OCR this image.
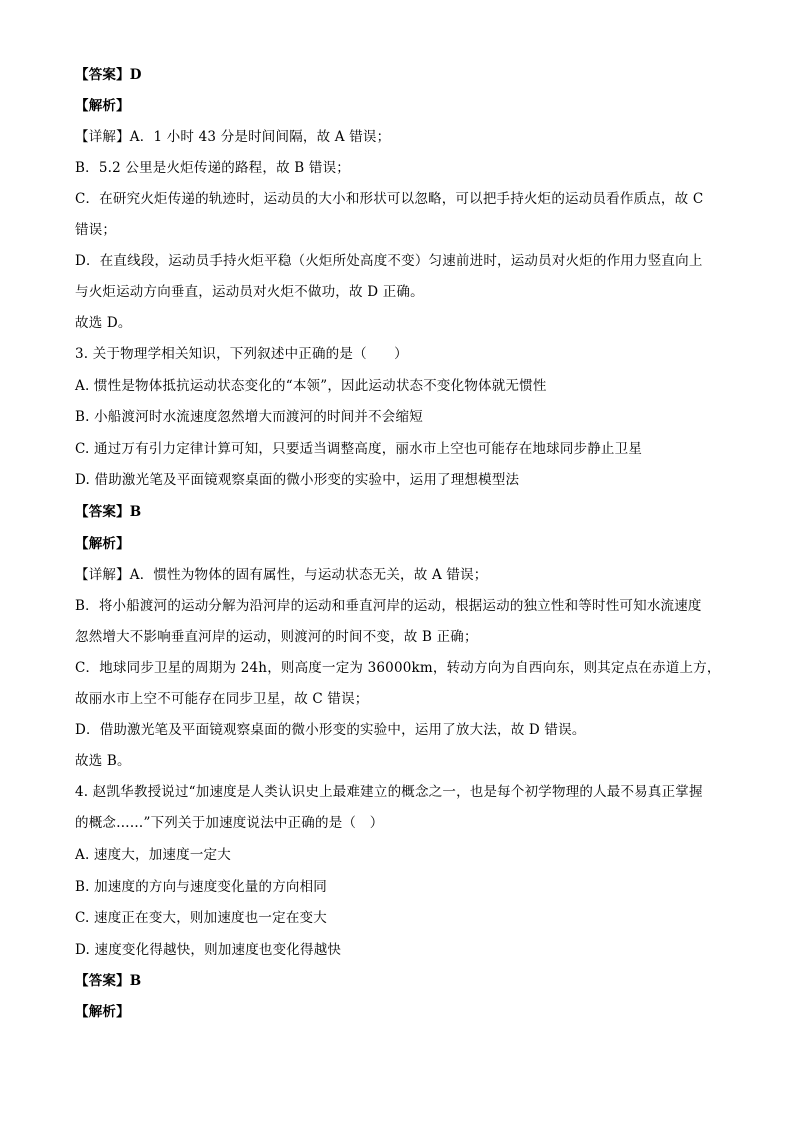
【答案】D
【解析】
【详解】A．1 小时 43 分是时间间隔，故 A 错误；
B．5.2 公里是火炬传递的路程，故 B 错误；
C．在研究火炬传递的轨迹时，运动员的大小和形状可以忽略，可以把手持火炬的运动员看作质点，故 C
错误；
D．在直线段，运动员手持火炬平稳（火炬所处高度不变）匀速前进时，运动员对火炬的作用力竖直向上
与火炬运动方向垂直，运动员对火炬不做功，故 D 正确。
故选 D。
3. 关于物理学相关知识，下列叙述中正确的是（　　）
A. 惯性是物体抵抗运动状态变化的“本领”，因此运动状态不变化物体就无惯性
B. 小船渡河时水流速度忽然增大而渡河的时间并不会缩短
C. 通过万有引力定律计算可知，只要适当调整高度，丽水市上空也可能存在地球同步静止卫星
D. 借助激光笔及平面镜观察桌面的微小形变的实验中，运用了理想模型法
【答案】B
【解析】
【详解】A．惯性为物体的固有属性，与运动状态无关，故 A 错误；
B．将小船渡河的运动分解为沿河岸的运动和垂直河岸的运动，根据运动的独立性和等时性可知水流速度
忽然增大不影响垂直河岸的运动，则渡河的时间不变，故 B 正确；
C．地球同步卫星的周期为 24h，则高度一定为 36000km，转动方向为自西向东，则其定点在赤道上方，
故丽水市上空不可能存在同步卫星，故 C 错误；
D．借助激光笔及平面镜观察桌面的微小形变的实验中，运用了放大法，故 D 错误。
故选 B。
4. 赵凯华教授说过“加速度是人类认识史上最难建立的概念之一，也是每个初学物理的人最不易真正掌握
的概念……”下列关于加速度说法中正确的是（　）
A. 速度大，加速度一定大
B. 加速度的方向与速度变化量的方向相同
C. 速度正在变大，则加速度也一定在变大
D. 速度变化得越快，则加速度也变化得越快
【答案】B
【解析】
